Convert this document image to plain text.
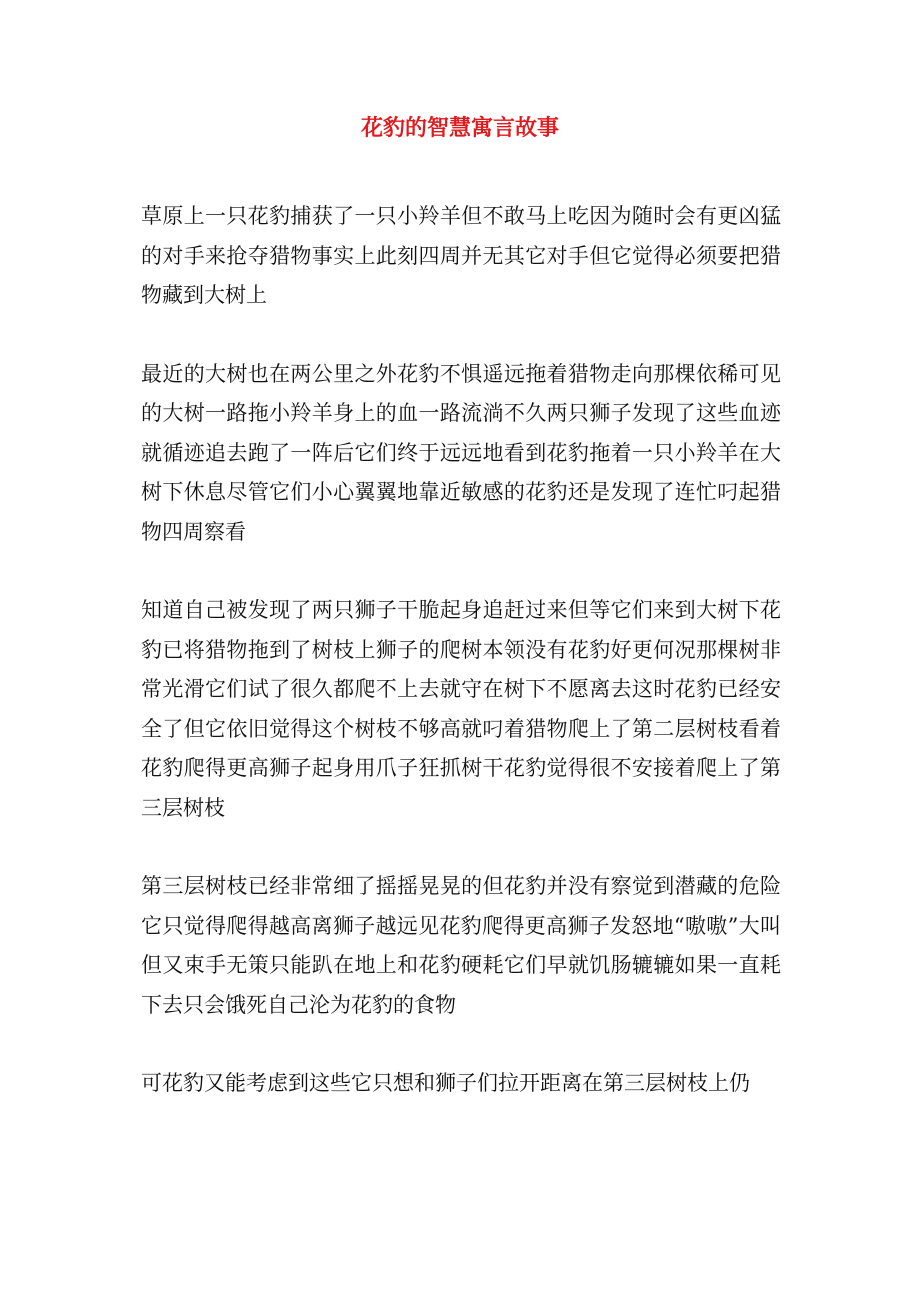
花豹的智慧寓言故事

草原上一只花豹捕获了一只小羚羊但不敢马上吃因为随时会有更凶猛的对手来抢夺猎物事实上此刻四周并无其它对手但它觉得必须要把猎物藏到大树上

最近的大树也在两公里之外花豹不惧遥远拖着猎物走向那棵依稀可见的大树一路拖小羚羊身上的血一路流淌不久两只狮子发现了这些血迹就循迹追去跑了一阵后它们终于远远地看到花豹拖着一只小羚羊在大树下休息尽管它们小心翼翼地靠近敏感的花豹还是发现了连忙叼起猎物四周察看

知道自己被发现了两只狮子干脆起身追赶过来但等它们来到大树下花豹已将猎物拖到了树枝上狮子的爬树本领没有花豹好更何况那棵树非常光滑它们试了很久都爬不上去就守在树下不愿离去这时花豹已经安全了但它依旧觉得这个树枝不够高就叼着猎物爬上了第二层树枝看着花豹爬得更高狮子起身用爪子狂抓树干花豹觉得很不安接着爬上了第三层树枝

第三层树枝已经非常细了摇摇晃晃的但花豹并没有察觉到潜藏的危险它只觉得爬得越高离狮子越远见花豹爬得更高狮子发怒地“嗷嗷”大叫但又束手无策只能趴在地上和花豹硬耗它们早就饥肠辘辘如果一直耗下去只会饿死自己沦为花豹的食物

可花豹又能考虑到这些它只想和狮子们拉开距离在第三层树枝上仍
